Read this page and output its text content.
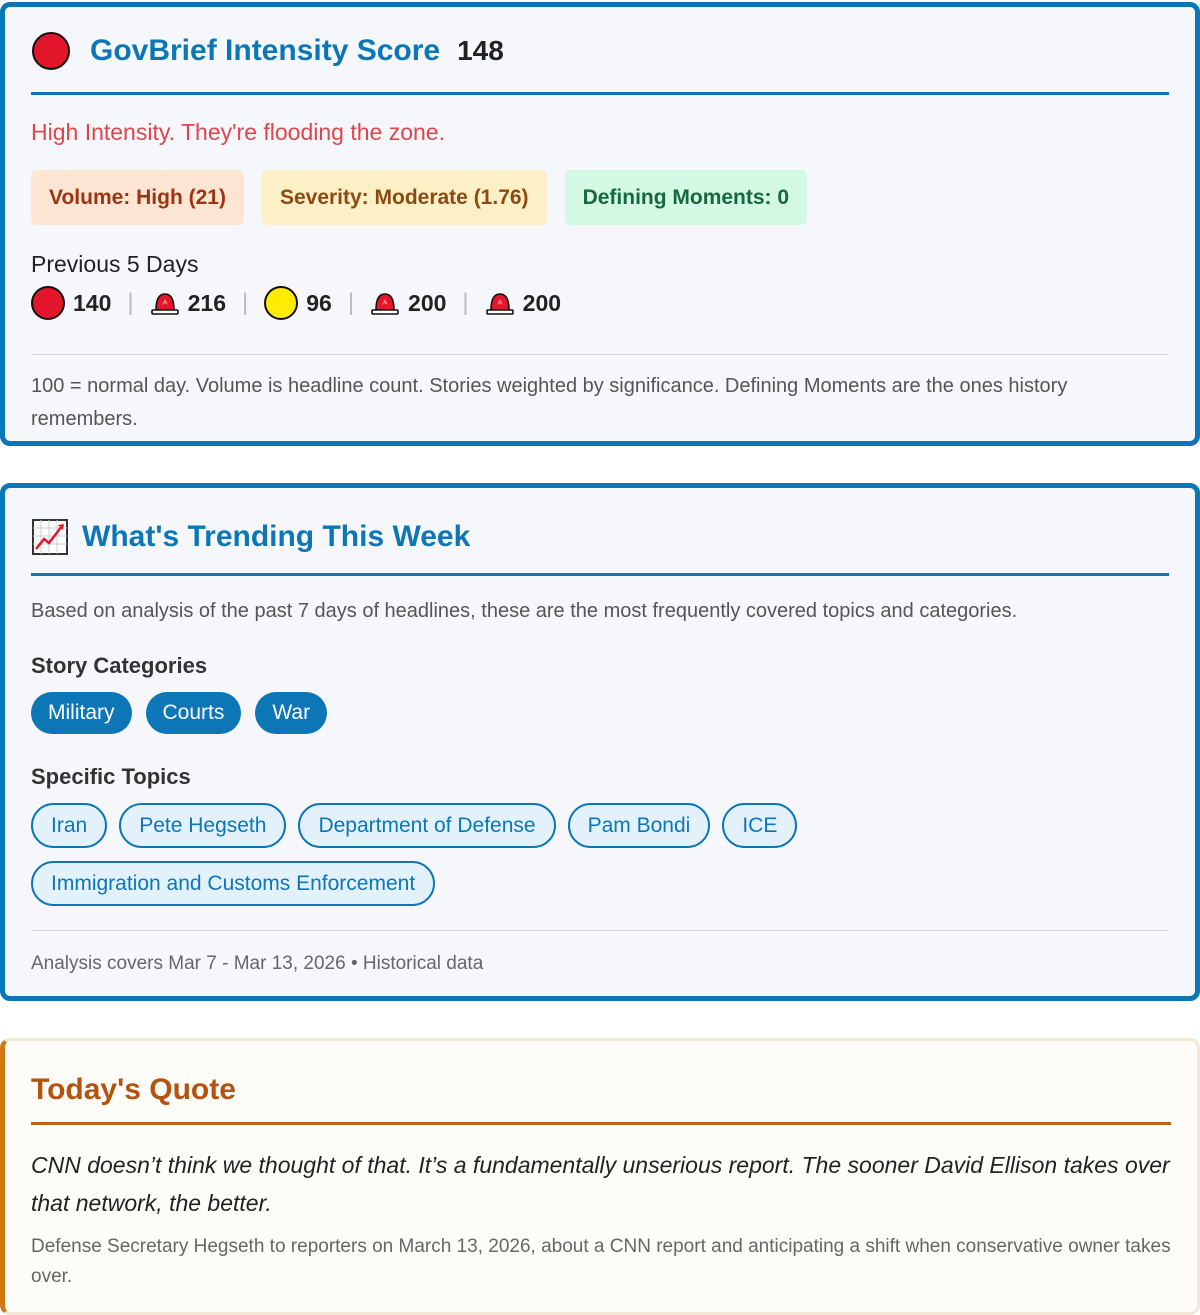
GovBrief Intensity Score 148
High Intensity. They're flooding the zone.
Volume: High (21)	Severity: Moderate (1.76)	Defining Moments: 0
Previous 5 Days
140 | 216 |	96 | 200 | 200
100 = normal day. Volume is headline count. Stories weighted by significance. Defining Moments are the ones history remembers.
What's Trending This Week
Based on analysis of the past 7 days of headlines, these are the most frequently covered topics and categories.
Story Categories
Military	Courts	War
Specific Topics
Iran	Pete Hegseth	Department of Defense	Pam Bondi	ICE
Immigration and Customs Enforcement
Analysis covers Mar 7 - Mar 13, 2026 • Historical data
Today's Quote
CNN doesn’t think we thought of that. It’s a fundamentally unserious report. The sooner David Ellison takes over that network, the better.
Defense Secretary Hegseth to reporters on March 13, 2026, about a CNN report and anticipating a shift when conservative owner takes over.
